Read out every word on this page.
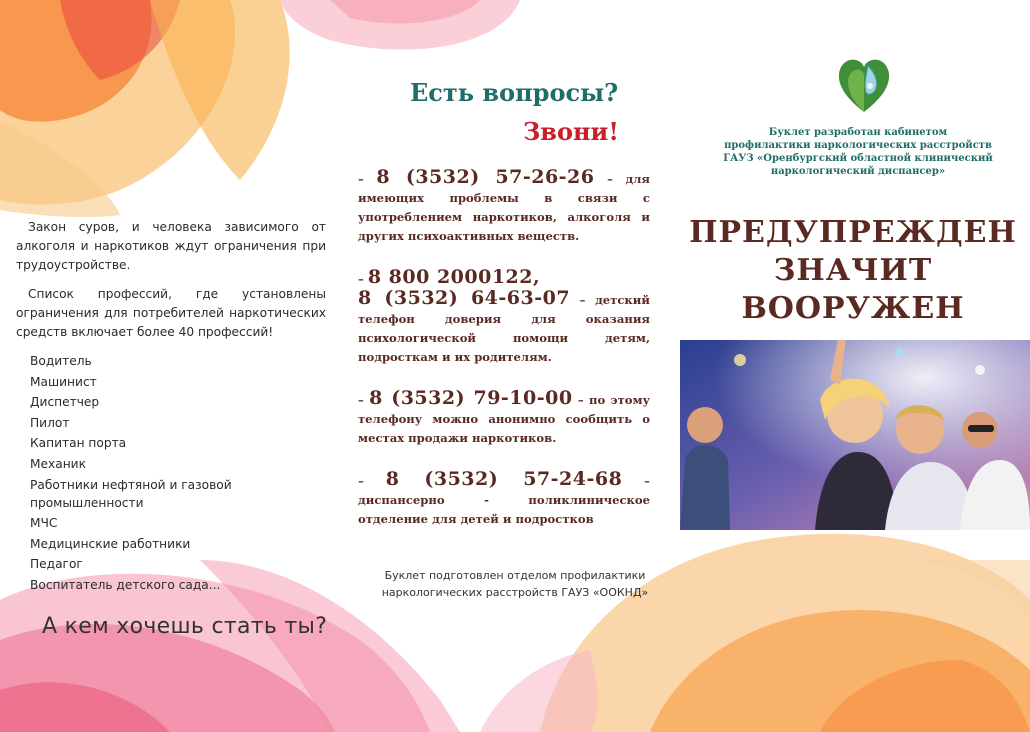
Закон суров, и человека зависимого от алкоголя и наркотиков ждут ограничения при трудоустройстве.

Список профессий, где установлены ограничения для потребителей наркотических средств включает более 40 профессий!

Водитель
Машинист
Диспетчер
Пилот
Капитан порта
Механик
Работники нефтяной и газовой промышленности
МЧС
Медицинские работники
Педагог
Воспитатель детского сада...
А кем хочешь стать ты?
Есть вопросы?
Звони!
– 8 (3532) 57-26-26 – для имеющих проблемы в связи с употреблением наркотиков, алкоголя и других психоактивных веществ.
– 8 800 2000122,
8 (3532) 64-63-07 – детский телефон доверия для оказания психологической помощи детям, подросткам и их родителям.
– 8 (3532) 79-10-00 – по этому телефону можно анонимно сообщить о местах продажи наркотиков.
– 8 (3532) 57-24-68 – диспансерно - поликлиническое отделение для детей и подростков
Буклет подготовлен отделом профилактики наркологических расстройств ГАУЗ «ООКНД»
Буклет разработан кабинетом
профилактики наркологических расстройств
ГАУЗ «Оренбургский областной клинический
наркологический диспансер»
ПРЕДУПРЕЖДЕН
ЗНАЧИТ
ВООРУЖЕН
